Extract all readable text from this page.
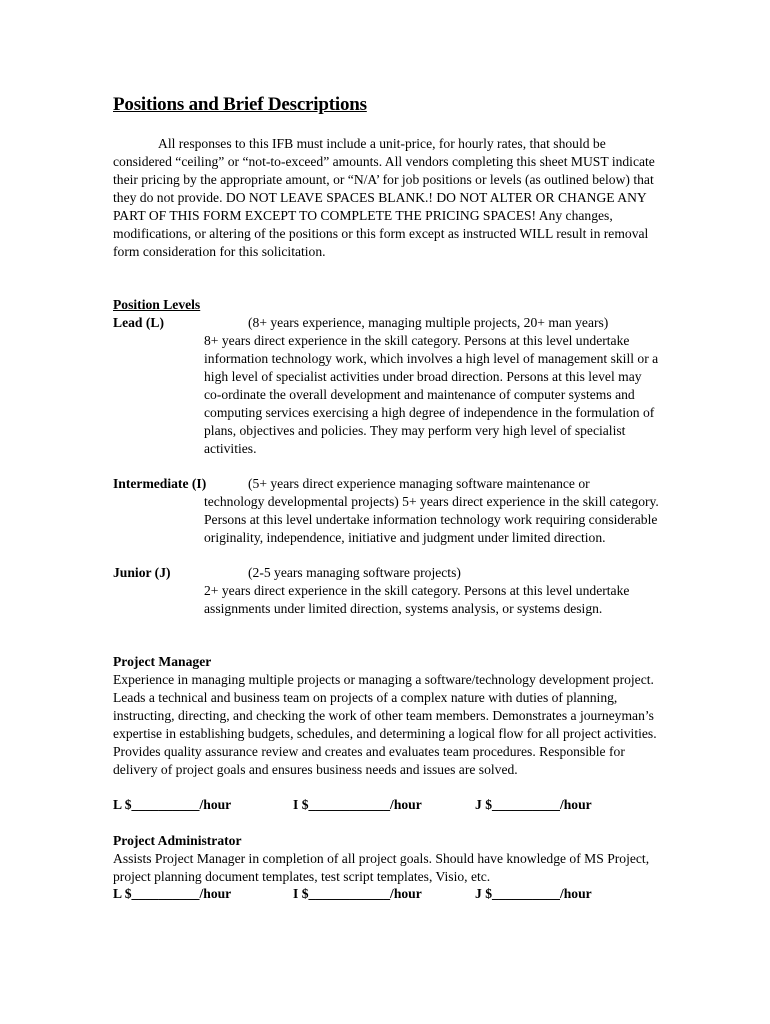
Positions and Brief Descriptions

All responses to this IFB must include a unit-price, for hourly rates, that should be considered “ceiling” or “not-to-exceed” amounts. All vendors completing this sheet MUST indicate their pricing by the appropriate amount, or “N/A’ for job positions or levels (as outlined below) that they do not provide. DO NOT LEAVE SPACES BLANK.! DO NOT ALTER OR CHANGE ANY PART OF THIS FORM EXCEPT TO COMPLETE THE PRICING SPACES! Any changes, modifications, or altering of the positions or this form except as instructed WILL result in removal form consideration for this solicitation.

Position Levels
Lead (L)	(8+ years experience, managing multiple projects, 20+ man years)
8+ years direct experience in the skill category. Persons at this level undertake information technology work, which involves a high level of management skill or a high level of specialist activities under broad direction. Persons at this level may co-ordinate the overall development and maintenance of computer systems and computing services exercising a high degree of independence in the formulation of plans, objectives and policies. They may perform very high level of specialist activities.
Intermediate (I)	(5+ years direct experience managing software maintenance or
technology developmental projects) 5+ years direct experience in the skill category. Persons at this level undertake information technology work requiring considerable originality, independence, initiative and judgment under limited direction.
Junior (J)	(2-5 years managing software projects)
2+ years direct experience in the skill category. Persons at this level undertake assignments under limited direction, systems analysis, or systems design.
Project Manager

Experience in managing multiple projects or managing a software/technology development project. Leads a technical and business team on projects of a complex nature with duties of planning, instructing, directing, and checking the work of other team members. Demonstrates a journeyman’s expertise in establishing budgets, schedules, and determining a logical flow for all project activities. Provides quality assurance review and creates and evaluates team procedures. Responsible for delivery of project goals and ensures business needs and issues are solved.

L $__________/hour	I $____________/hour	J $__________/hour
Project Administrator

Assists Project Manager in completion of all project goals. Should have knowledge of MS Project, project planning document templates, test script templates, Visio, etc.

L $__________/hour	I $____________/hour	J $__________/hour
